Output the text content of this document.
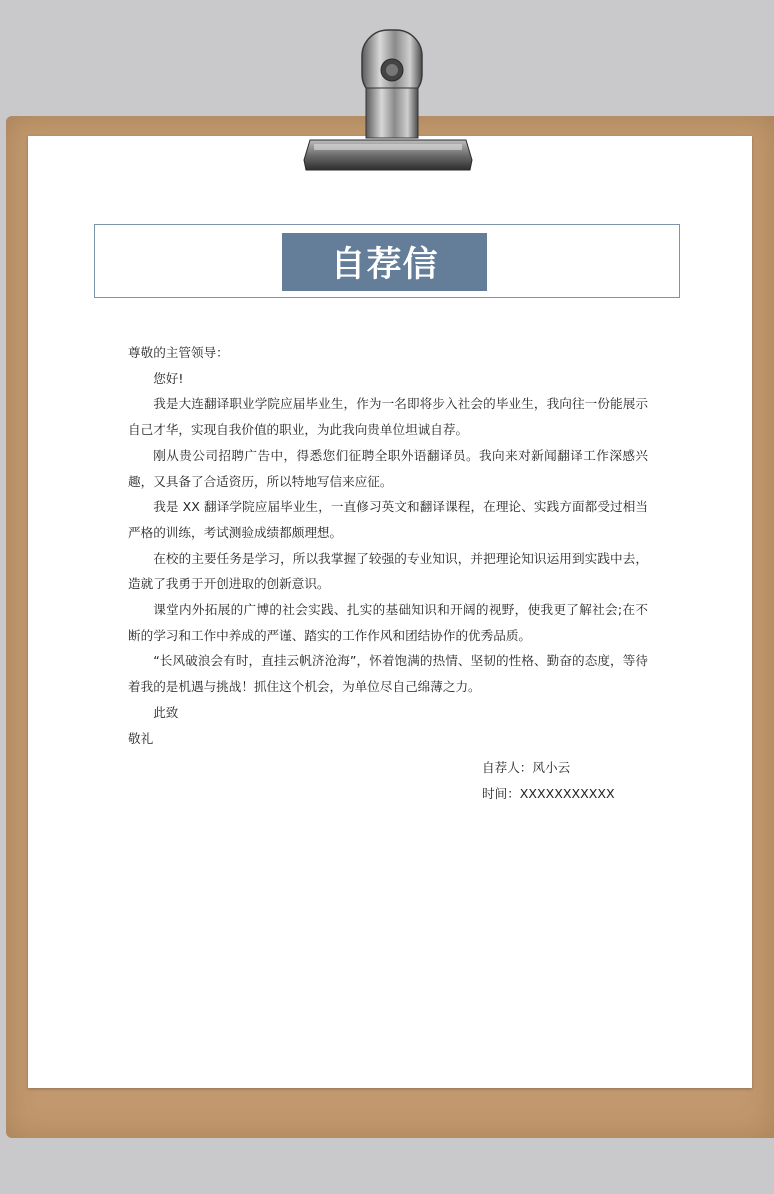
自荐信

尊敬的主管领导：

您好!

我是大连翻译职业学院应届毕业生，作为一名即将步入社会的毕业生，我向往一份能展示自己才华，实现自我价值的职业，为此我向贵单位坦诚自荐。

刚从贵公司招聘广告中，得悉您们征聘全职外语翻译员。我向来对新闻翻译工作深感兴趣，又具备了合适资历，所以特地写信来应征。

我是 XX 翻译学院应届毕业生，一直修习英文和翻译课程，在理论、实践方面都受过相当严格的训练，考试测验成绩都颇理想。

在校的主要任务是学习，所以我掌握了较强的专业知识，并把理论知识运用到实践中去，造就了我勇于开创进取的创新意识。

课堂内外拓展的广博的社会实践、扎实的基础知识和开阔的视野，使我更了解社会;在不断的学习和工作中养成的严谨、踏实的工作作风和团结协作的优秀品质。

“长风破浪会有时，直挂云帆济沧海”，怀着饱满的热情、坚韧的性格、勤奋的态度，等待着我的是机遇与挑战！抓住这个机会，为单位尽自己绵薄之力。

此致

敬礼

自荐人：风小云
时间：XXXXXXXXXXX
